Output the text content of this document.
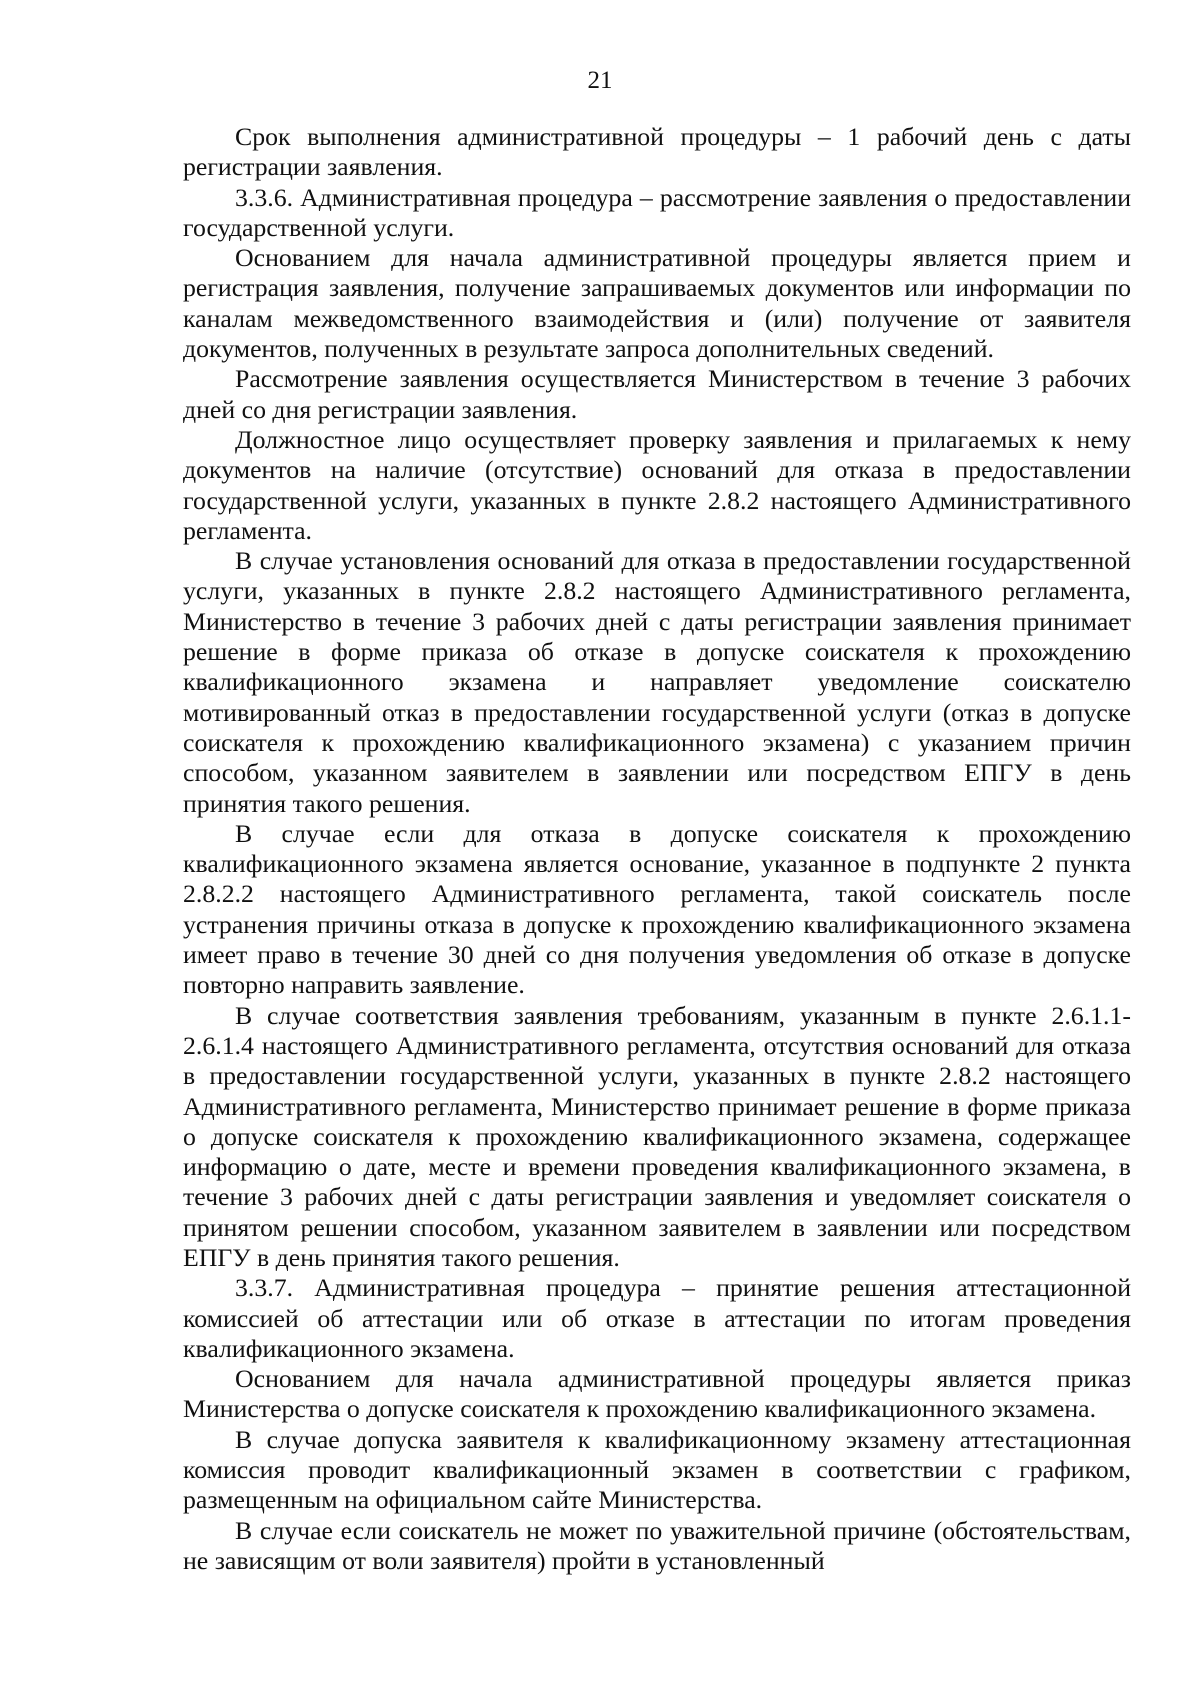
21

Срок выполнения административной процедуры – 1 рабочий день с даты регистрации заявления.

3.3.6. Административная процедура – рассмотрение заявления о предоставлении государственной услуги.

Основанием для начала административной процедуры является прием и регистрация заявления, получение запрашиваемых документов или информации по каналам межведомственного взаимодействия и (или) получение от заявителя документов, полученных в результате запроса дополнительных сведений.

Рассмотрение заявления осуществляется Министерством в течение 3 рабочих дней со дня регистрации заявления.

Должностное лицо осуществляет проверку заявления и прилагаемых к нему документов на наличие (отсутствие) оснований для отказа в предоставлении государственной услуги, указанных в пункте 2.8.2 настоящего Административного регламента.

В случае установления оснований для отказа в предоставлении государственной услуги, указанных в пункте 2.8.2 настоящего Административного регламента, Министерство в течение 3 рабочих дней с даты регистрации заявления принимает решение в форме приказа об отказе в допуске соискателя к прохождению квалификационного экзамена и направляет уведомление соискателю мотивированный отказ в предоставлении государственной услуги (отказ в допуске соискателя к прохождению квалификационного экзамена) с указанием причин способом, указанном заявителем в заявлении или посредством ЕПГУ в день принятия такого решения.

В случае если для отказа в допуске соискателя к прохождению квалификационного экзамена является основание, указанное в подпункте 2 пункта 2.8.2.2 настоящего Административного регламента, такой соискатель после устранения причины отказа в допуске к прохождению квалификационного экзамена имеет право в течение 30 дней со дня получения уведомления об отказе в допуске повторно направить заявление.

В случае соответствия заявления требованиям, указанным в пункте 2.6.1.1-2.6.1.4 настоящего Административного регламента, отсутствия оснований для отказа в предоставлении государственной услуги, указанных в пункте 2.8.2 настоящего Административного регламента, Министерство принимает решение в форме приказа о допуске соискателя к прохождению квалификационного экзамена, содержащее информацию о дате, месте и времени проведения квалификационного экзамена, в течение 3 рабочих дней с даты регистрации заявления и уведомляет соискателя о принятом решении способом, указанном заявителем в заявлении или посредством ЕПГУ в день принятия такого решения.

3.3.7. Административная процедура – принятие решения аттестационной комиссией об аттестации или об отказе в аттестации по итогам проведения квалификационного экзамена.

Основанием для начала административной процедуры является приказ Министерства о допуске соискателя к прохождению квалификационного экзамена.

В случае допуска заявителя к квалификационному экзамену аттестационная комиссия проводит квалификационный экзамен в соответствии с графиком, размещенным на официальном сайте Министерства.

В случае если соискатель не может по уважительной причине (обстоятельствам, не зависящим от воли заявителя) пройти в установленный
